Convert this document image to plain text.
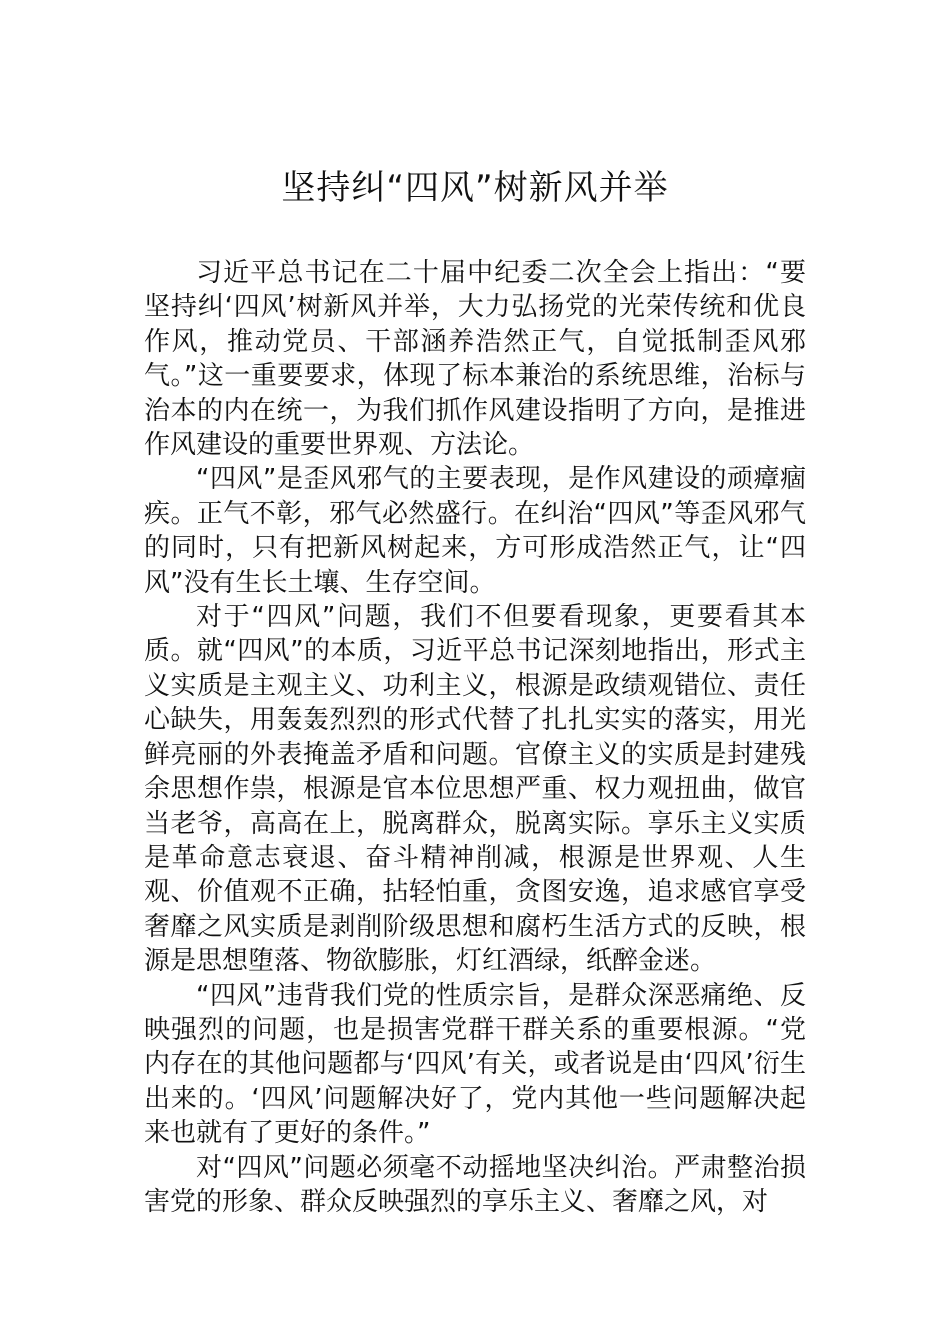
坚持纠“四风”树新风并举

习近平总书记在二十届中纪委二次全会上指出：“要坚持纠‘四风’树新风并举，大力弘扬党的光荣传统和优良作风，推动党员、干部涵养浩然正气，自觉抵制歪风邪气。”这一重要要求，体现了标本兼治的系统思维，治标与治本的内在统一，为我们抓作风建设指明了方向，是推进作风建设的重要世界观、方法论。

“四风”是歪风邪气的主要表现，是作风建设的顽瘴痼疾。正气不彰，邪气必然盛行。在纠治“四风”等歪风邪气的同时，只有把新风树起来，方可形成浩然正气，让“四风”没有生长土壤、生存空间。

对于“四风”问题，我们不但要看现象，更要看其本质。就“四风”的本质，习近平总书记深刻地指出，形式主义实质是主观主义、功利主义，根源是政绩观错位、责任心缺失，用轰轰烈烈的形式代替了扎扎实实的落实，用光鲜亮丽的外表掩盖矛盾和问题。官僚主义的实质是封建残余思想作祟，根源是官本位思想严重、权力观扭曲，做官当老爷，高高在上，脱离群众，脱离实际。享乐主义实质是革命意志衰退、奋斗精神削减，根源是世界观、人生观、价值观不正确，拈轻怕重，贪图安逸，追求感官享受奢靡之风实质是剥削阶级思想和腐朽生活方式的反映，根源是思想堕落、物欲膨胀，灯红酒绿，纸醉金迷。

“四风”违背我们党的性质宗旨，是群众深恶痛绝、反映强烈的问题，也是损害党群干群关系的重要根源。“党内存在的其他问题都与‘四风’有关，或者说是由‘四风’衍生出来的。‘四风’问题解决好了，党内其他一些问题解决起来也就有了更好的条件。”

对“四风”问题必须毫不动摇地坚决纠治。严肃整治损害党的形象、群众反映强烈的享乐主义、奢靡之风，对
